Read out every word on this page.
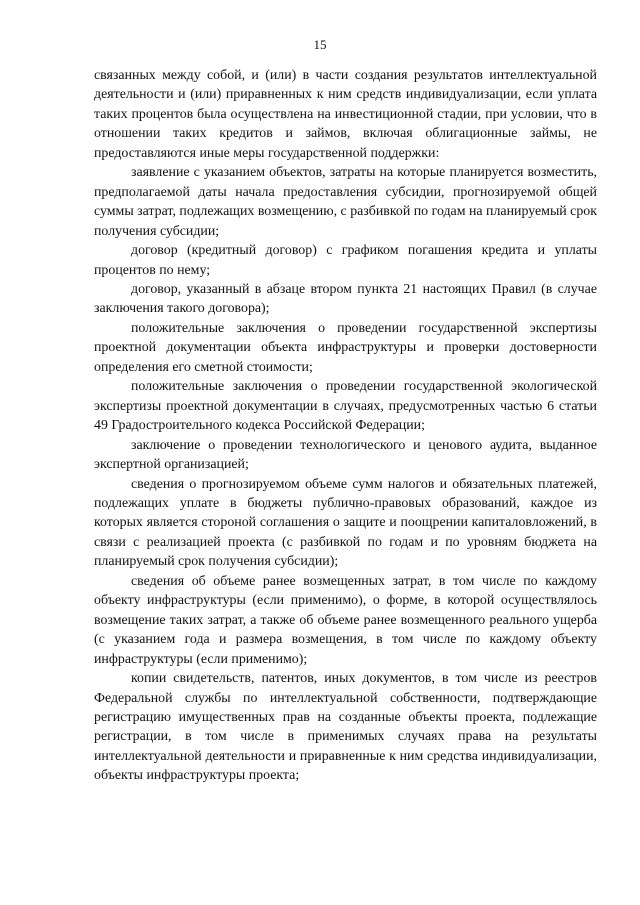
15

связанных между собой, и (или) в части создания результатов интеллектуальной деятельности и (или) приравненных к ним средств индивидуализации, если уплата таких процентов была осуществлена на инвестиционной стадии, при условии, что в отношении таких кредитов и займов, включая облигационные займы, не предоставляются иные меры государственной поддержки:

заявление с указанием объектов, затраты на которые планируется возместить, предполагаемой даты начала предоставления субсидии, прогнозируемой общей суммы затрат, подлежащих возмещению, с разбивкой по годам на планируемый срок получения субсидии;

договор (кредитный договор) с графиком погашения кредита и уплаты процентов по нему;

договор, указанный в абзаце втором пункта 21 настоящих Правил (в случае заключения такого договора);

положительные заключения о проведении государственной экспертизы проектной документации объекта инфраструктуры и проверки достоверности определения его сметной стоимости;

положительные заключения о проведении государственной экологической экспертизы проектной документации в случаях, предусмотренных частью 6 статьи 49 Градостроительного кодекса Российской Федерации;

заключение о проведении технологического и ценового аудита, выданное экспертной организацией;

сведения о прогнозируемом объеме сумм налогов и обязательных платежей, подлежащих уплате в бюджеты публично-правовых образований, каждое из которых является стороной соглашения о защите и поощрении капиталовложений, в связи с реализацией проекта (с разбивкой по годам и по уровням бюджета на планируемый срок получения субсидии);

сведения об объеме ранее возмещенных затрат, в том числе по каждому объекту инфраструктуры (если применимо), о форме, в которой осуществлялось возмещение таких затрат, а также об объеме ранее возмещенного реального ущерба (с указанием года и размера возмещения, в том числе по каждому объекту инфраструктуры (если применимо);

копии свидетельств, патентов, иных документов, в том числе из реестров Федеральной службы по интеллектуальной собственности, подтверждающие регистрацию имущественных прав на созданные объекты проекта, подлежащие регистрации, в том числе в применимых случаях права на результаты интеллектуальной деятельности и приравненные к ним средства индивидуализации, объекты инфраструктуры проекта;
